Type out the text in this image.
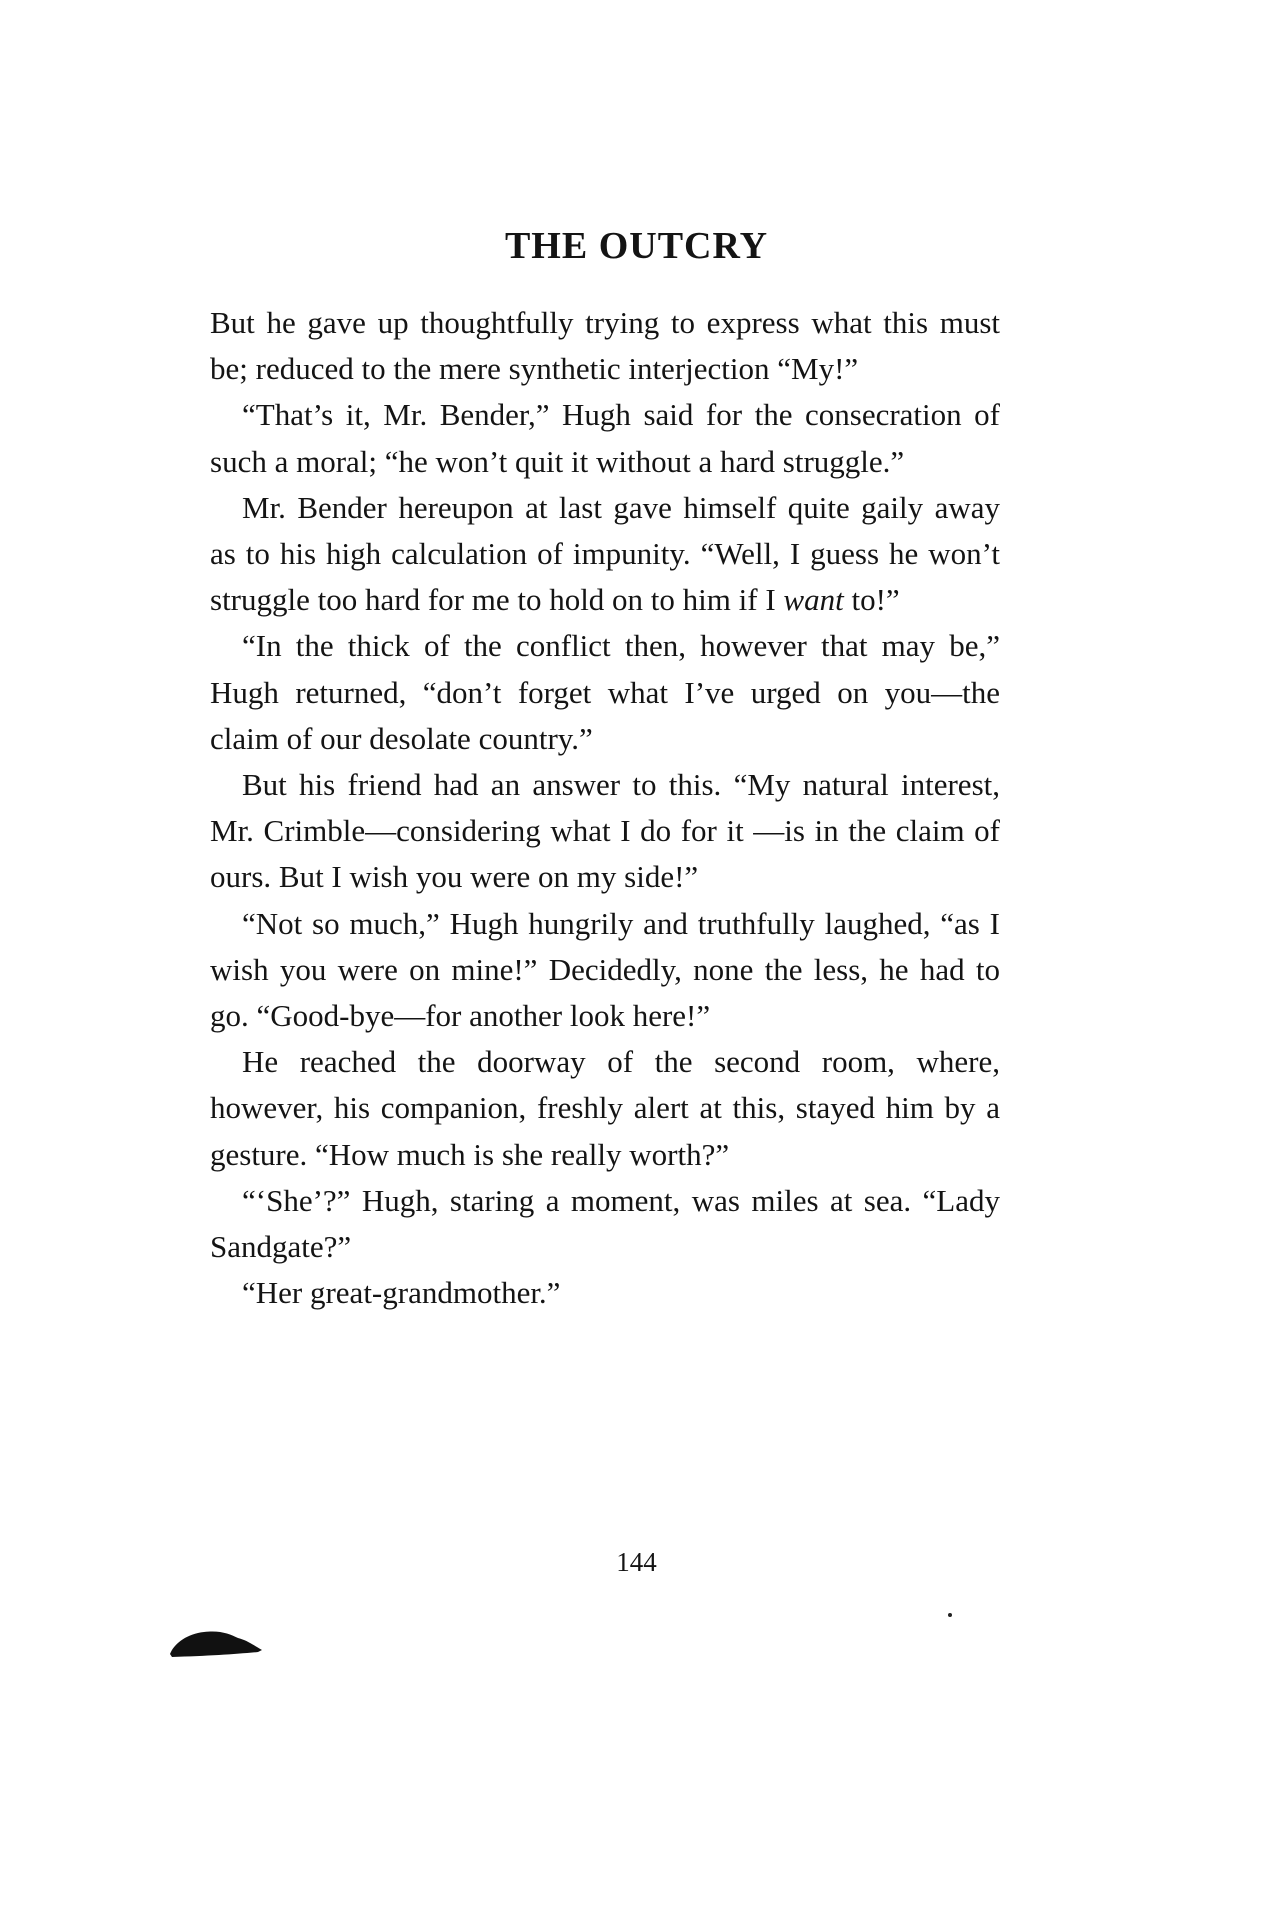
THE OUTCRY

But he gave up thoughtfully trying to express what this must be; reduced to the mere synthetic interjection “My!”

“That’s it, Mr. Bender,” Hugh said for the consecration of such a moral; “he won’t quit it without a hard struggle.”

Mr. Bender hereupon at last gave himself quite gaily away as to his high calculation of impunity. “Well, I guess he won’t struggle too hard for me to hold on to him if I want to!”

“In the thick of the conflict then, however that may be,” Hugh returned, “don’t forget what I’ve urged on you—the claim of our desolate country.”

But his friend had an answer to this. “My natural interest, Mr. Crimble—considering what I do for it —is in the claim of ours. But I wish you were on my side!”

“Not so much,” Hugh hungrily and truthfully laughed, “as I wish you were on mine!” Decidedly, none the less, he had to go. “Good-bye—for another look here!”

He reached the doorway of the second room, where, however, his companion, freshly alert at this, stayed him by a gesture. “How much is she really worth?”

“‘She’?” Hugh, staring a moment, was miles at sea. “Lady Sandgate?”

“Her great-grandmother.”

144
